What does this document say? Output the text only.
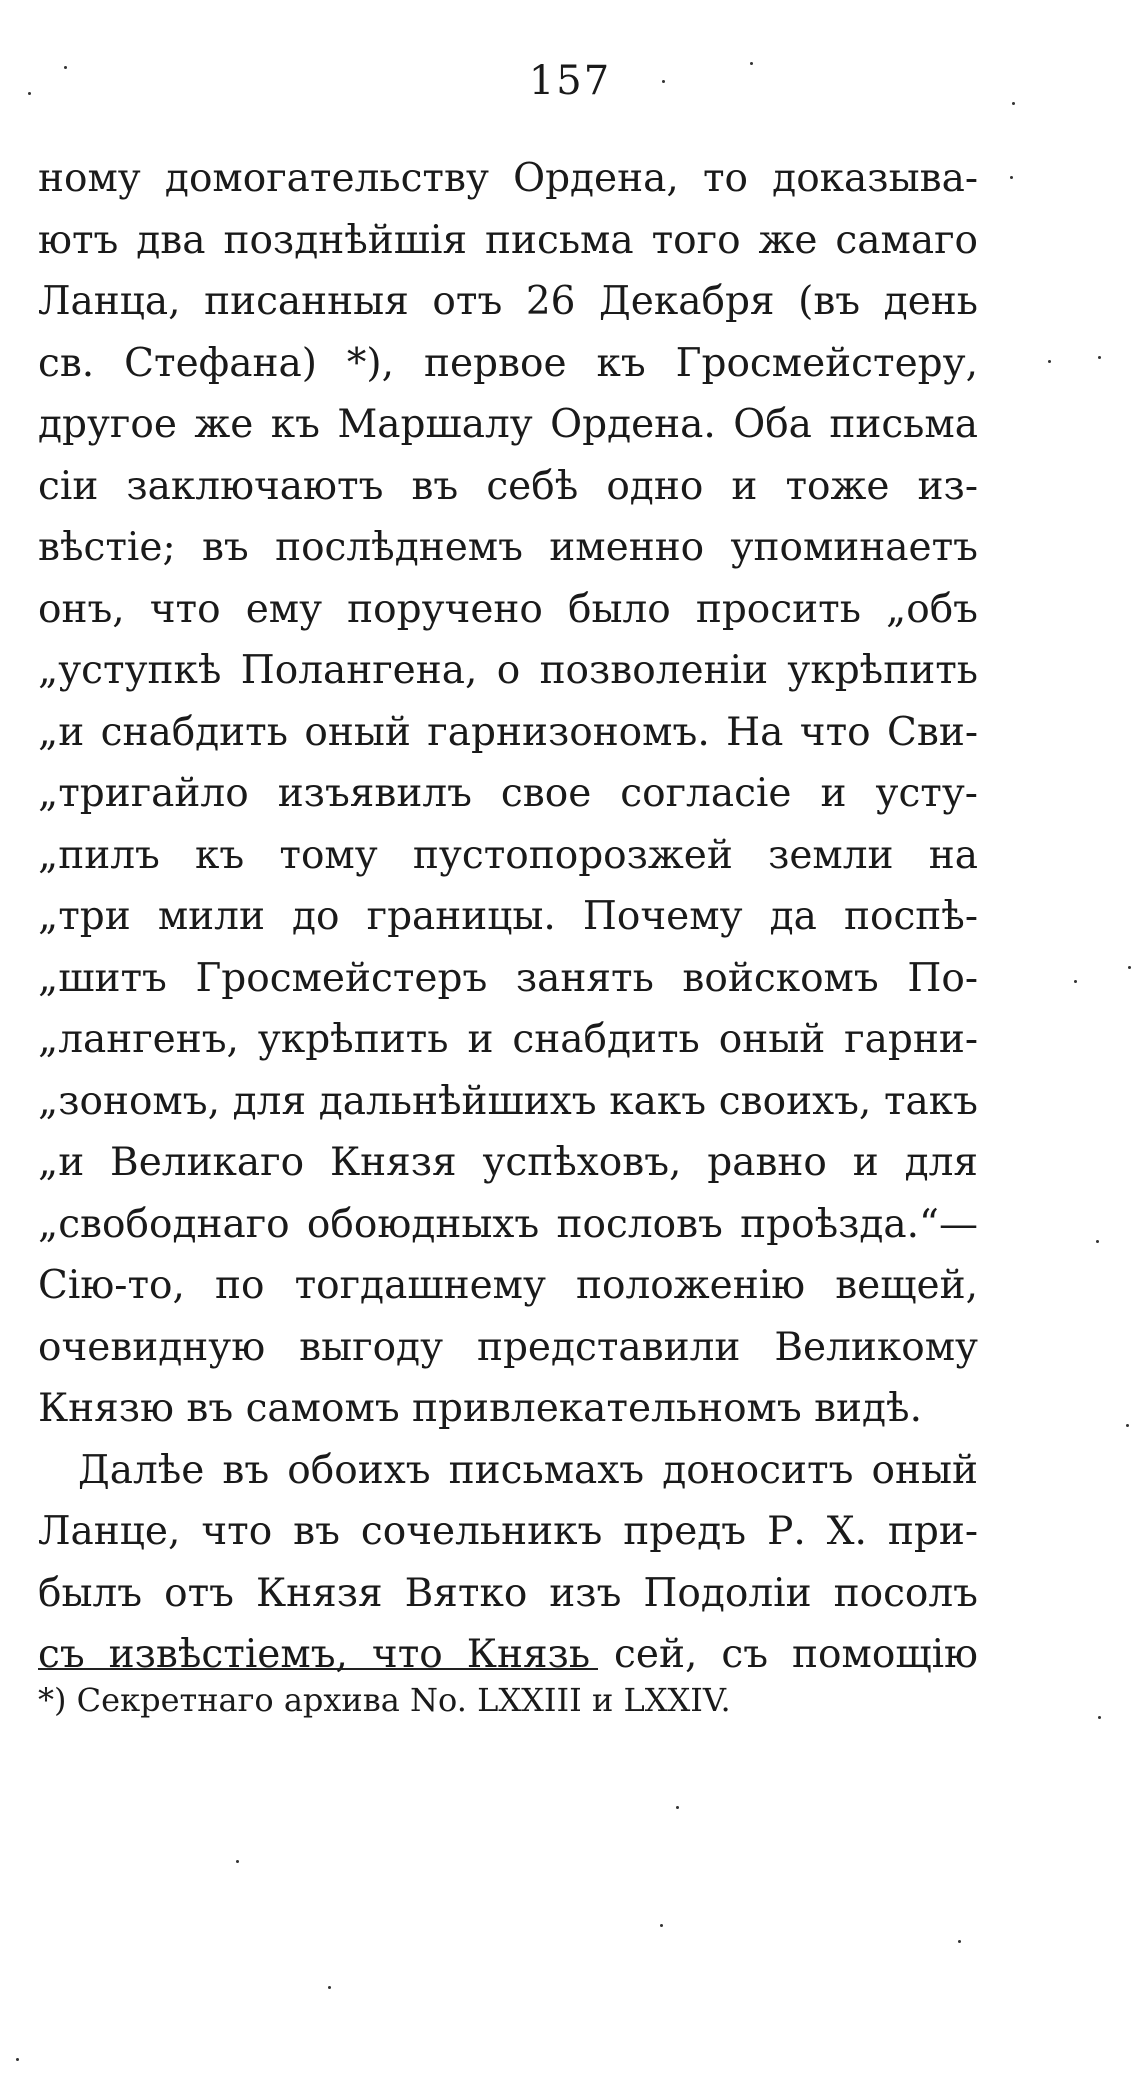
157
ному домогательству Ордена, то доказыва-
ютъ два позднѣйшія письма того же самаго
Ланца, писанныя отъ 26 Декабря (въ день
св. Стефана) *), первое къ Гросмейстеру,
другое же къ Маршалу Ордена. Оба письма
сіи заключаютъ въ себѣ одно и тоже из-
вѣстіе; въ послѣднемъ именно упоминаетъ
онъ, что ему поручено было просить „объ
„уступкѣ Полангена, о позволеніи укрѣпить
„и снабдить оный гарнизономъ. На что Сви-
„тригайло изъявилъ свое согласіе и усту-
„пилъ къ тому пустопорозжей земли на
„три мили до границы. Почему да поспѣ-
„шитъ Гросмейстеръ занять войскомъ По-
„лангенъ, укрѣпить и снабдить оный гарни-
„зономъ, для дальнѣйшихъ какъ своихъ, такъ
„и Великаго Князя успѣховъ, равно и для
„свободнаго обоюдныхъ пословъ проѣзда.“—
Сію-то, по тогдашнему положенію вещей,
очевидную выгоду представили Великому
Князю въ самомъ привлекательномъ видѣ.
Далѣе въ обоихъ письмахъ доноситъ оный
Ланце, что въ сочельникъ предъ Р. Х. при-
былъ отъ Князя Вятко изъ Подоліи посолъ
съ извѣстіемъ, что Князь сей, съ помощію
*) Секретнаго архива No. LXXIII и LXXIV.
